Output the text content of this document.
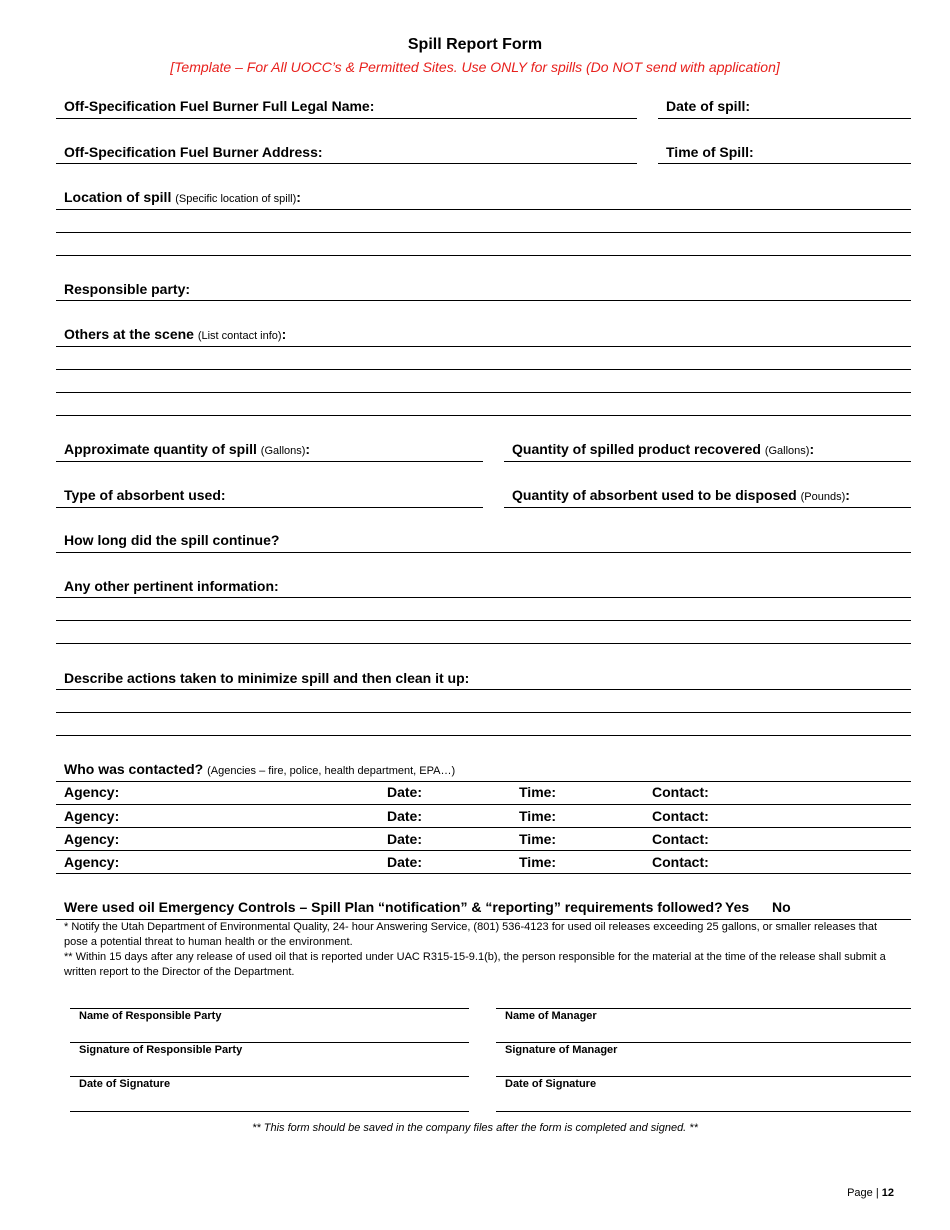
Spill Report Form
[Template – For All UOCC’s & Permitted Sites. Use ONLY for spills (Do NOT send with application]
Off-Specification Fuel Burner Full Legal Name:	Date of spill:
Off-Specification Fuel Burner Address:	Time of Spill:
Location of spill (Specific location of spill):
Responsible party:
Others at the scene (List contact info):
Approximate quantity of spill (Gallons):	Quantity of spilled product recovered (Gallons):
Type of absorbent used:	Quantity of absorbent used to be disposed (Pounds):
How long did the spill continue?
Any other pertinent information:
Describe actions taken to minimize spill and then clean it up:
Who was contacted? (Agencies – fire, police, health department, EPA…)
Agency:	Date:	Time:	Contact:
Agency:	Date:	Time:	Contact:
Agency:	Date:	Time:	Contact:
Agency:	Date:	Time:	Contact:
Were used oil Emergency Controls – Spill Plan “notification” & “reporting” requirements followed? Yes No
* Notify the Utah Department of Environmental Quality, 24- hour Answering Service, (801) 536-4123 for used oil releases exceeding 25 gallons, or smaller releases that pose a potential threat to human health or the environment.
** Within 15 days after any release of used oil that is reported under UAC R315-15-9.1(b), the person responsible for the material at the time of the release shall submit a written report to the Director of the Department.
Name of Responsible Party
Signature of Responsible Party
Date of Signature
Name of Manager
Signature of Manager
Date of Signature
** This form should be saved in the company files after the form is completed and signed. **
Page | 12
